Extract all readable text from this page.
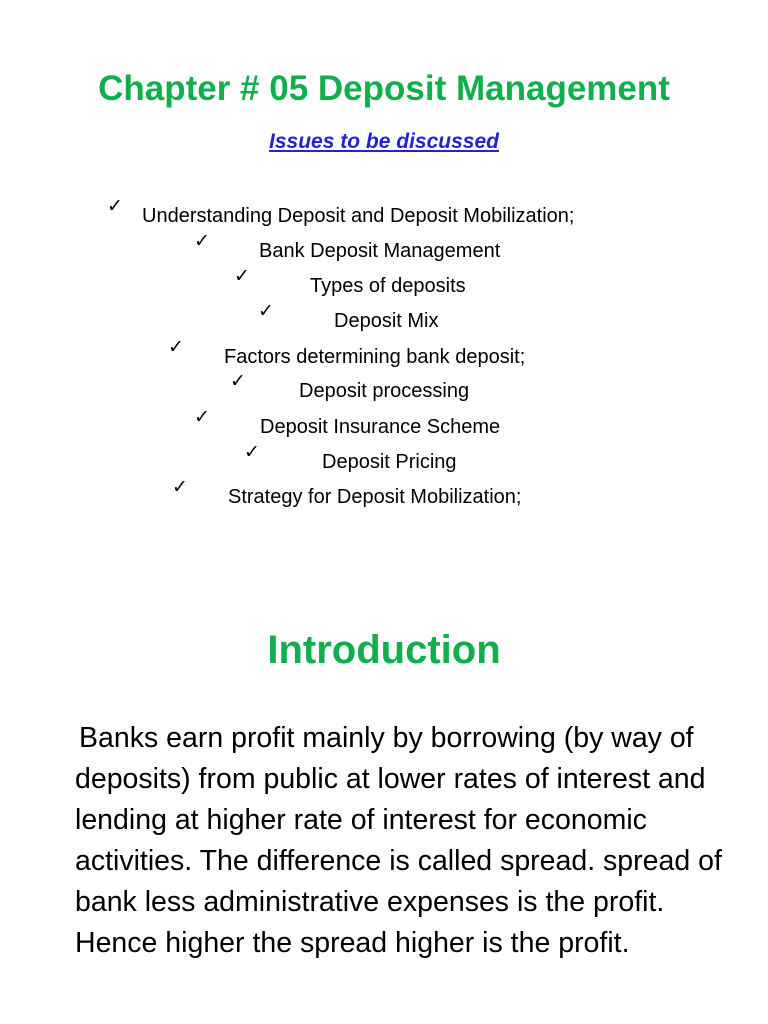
Chapter # 05 Deposit Management
Issues to be discussed
✓ Understanding Deposit and Deposit Mobilization;
✓ Bank Deposit Management
✓	Types of deposits
✓	Deposit Mix
✓ Factors determining bank deposit;
✓	Deposit processing
✓	Deposit Insurance Scheme
✓	Deposit Pricing
✓ Strategy for Deposit Mobilization;
Introduction

Banks earn profit mainly by borrowing (by way of deposits) from public at lower rates of interest and lending at higher rate of interest for economic activities. The difference is called spread. spread of bank less administrative expenses is the profit. Hence higher the spread higher is the profit.
